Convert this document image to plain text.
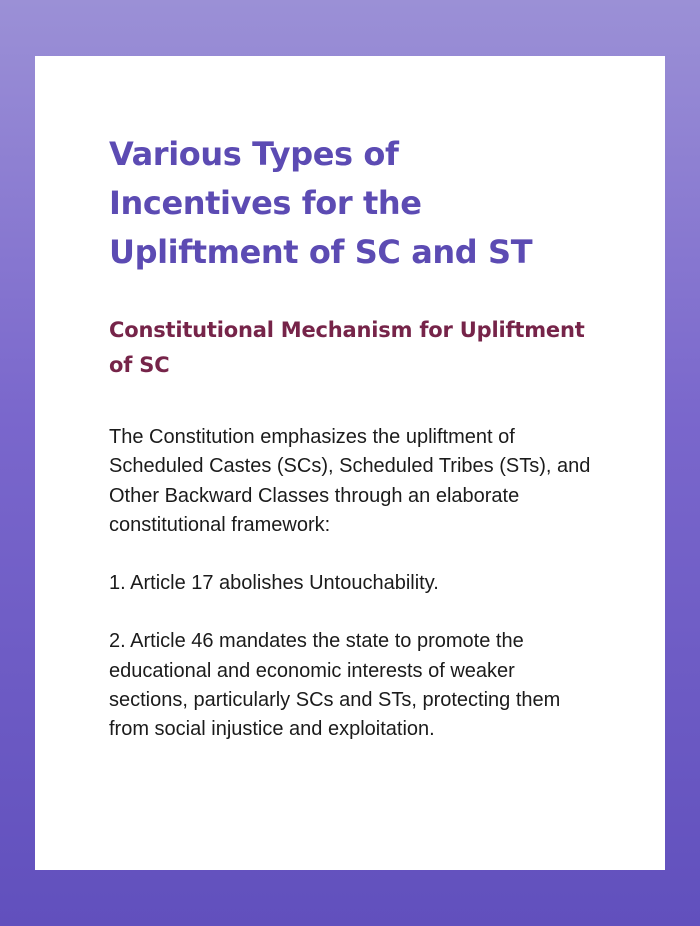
Various Types of Incentives for the Upliftment of SC and ST
Constitutional Mechanism for Upliftment of SC

The Constitution emphasizes the upliftment of Scheduled Castes (SCs), Scheduled Tribes (STs), and Other Backward Classes through an elaborate constitutional framework:

1. Article 17 abolishes Untouchability.

2. Article 46 mandates the state to promote the educational and economic interests of weaker sections, particularly SCs and STs, protecting them from social injustice and exploitation.
